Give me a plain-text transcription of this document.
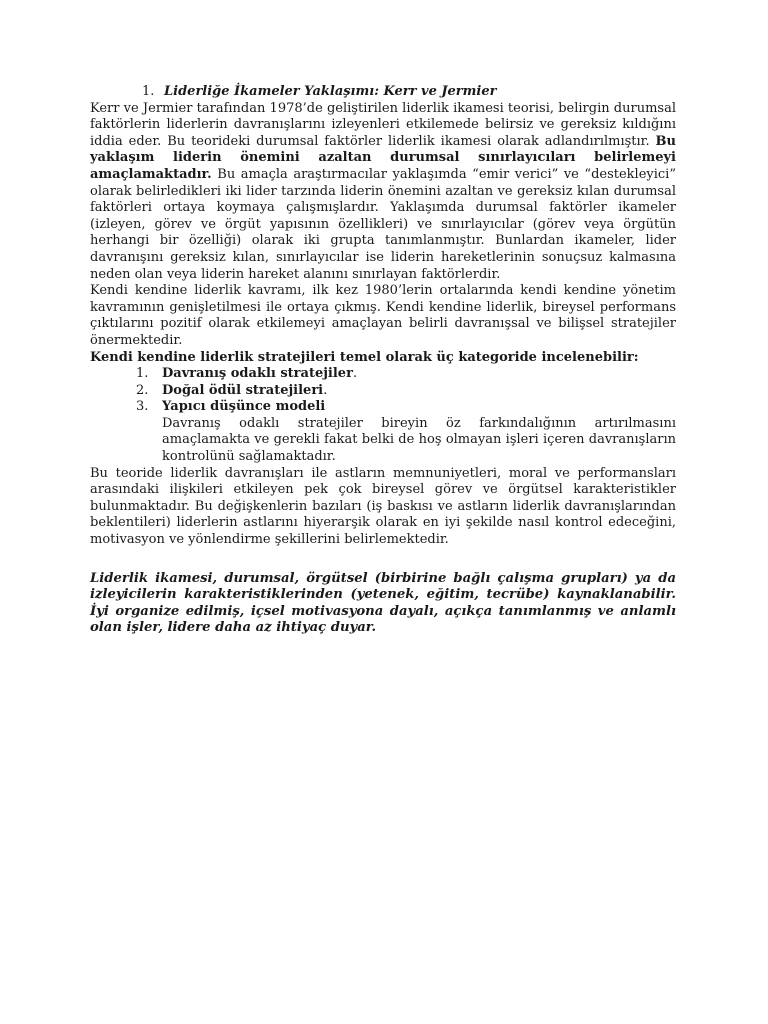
1. Liderliğe İkameler Yaklaşımı: Kerr ve Jermier

Kerr ve Jermier tarafından 1978’de geliştirilen liderlik ikamesi teorisi, belirgin durumsal faktörlerin liderlerin davranışlarını izleyenleri etkilemede belirsiz ve gereksiz kıldığını iddia eder. Bu teorideki durumsal faktörler liderlik ikamesi olarak adlandırılmıştır. Bu yaklaşım liderin önemini azaltan durumsal sınırlayıcıları belirlemeyi amaçlamaktadır. Bu amaçla araştırmacılar yaklaşımda “emir verici” ve “destekleyici” olarak belirledikleri iki lider tarzında liderin önemini azaltan ve gereksiz kılan durumsal faktörleri ortaya koymaya çalışmışlardır. Yaklaşımda durumsal faktörler ikameler (izleyen, görev ve örgüt yapısının özellikleri) ve sınırlayıcılar (görev veya örgütün herhangi bir özelliği) olarak iki grupta tanımlanmıştır. Bunlardan ikameler, lider davranışını gereksiz kılan, sınırlayıcılar ise liderin hareketlerinin sonuçsuz kalmasına neden olan veya liderin hareket alanını sınırlayan faktörlerdir.

Kendi kendine liderlik kavramı, ilk kez 1980’lerin ortalarında kendi kendine yönetim kavramının genişletilmesi ile ortaya çıkmış. Kendi kendine liderlik, bireysel performans çıktılarını pozitif olarak etkilemeyi amaçlayan belirli davranışsal ve bilişsel stratejiler önermektedir.

Kendi kendine liderlik stratejileri temel olarak üç kategoride incelenebilir:

1.	Davranış odaklı stratejiler .
2.	Doğal ödül stratejileri .
3.	Yapıcı düşünce modeli

Davranış odaklı stratejiler bireyin öz farkındalığının artırılmasını amaçlamakta ve gerekli fakat belki de hoş olmayan işleri içeren davranışların kontrolünü sağlamaktadır.

Bu teoride liderlik davranışları ile astların memnuniyetleri, moral ve performansları arasındaki ilişkileri etkileyen pek çok bireysel görev ve örgütsel karakteristikler bulunmaktadır. Bu değişkenlerin bazıları (iş baskısı ve astların liderlik davranışlarından beklentileri) liderlerin astlarını hiyerarşik olarak en iyi şekilde nasıl kontrol edeceğini, motivasyon ve yönlendirme şekillerini belirlemektedir.

Liderlik ikamesi, durumsal, örgütsel (birbirine bağlı çalışma grupları) ya da izleyicilerin karakteristiklerinden (yetenek, eğitim, tecrübe) kaynaklanabilir. İyi organize edilmiş, içsel motivasyona dayalı, açıkça tanımlanmış ve anlamlı olan işler, lidere daha az ihtiyaç duyar.
